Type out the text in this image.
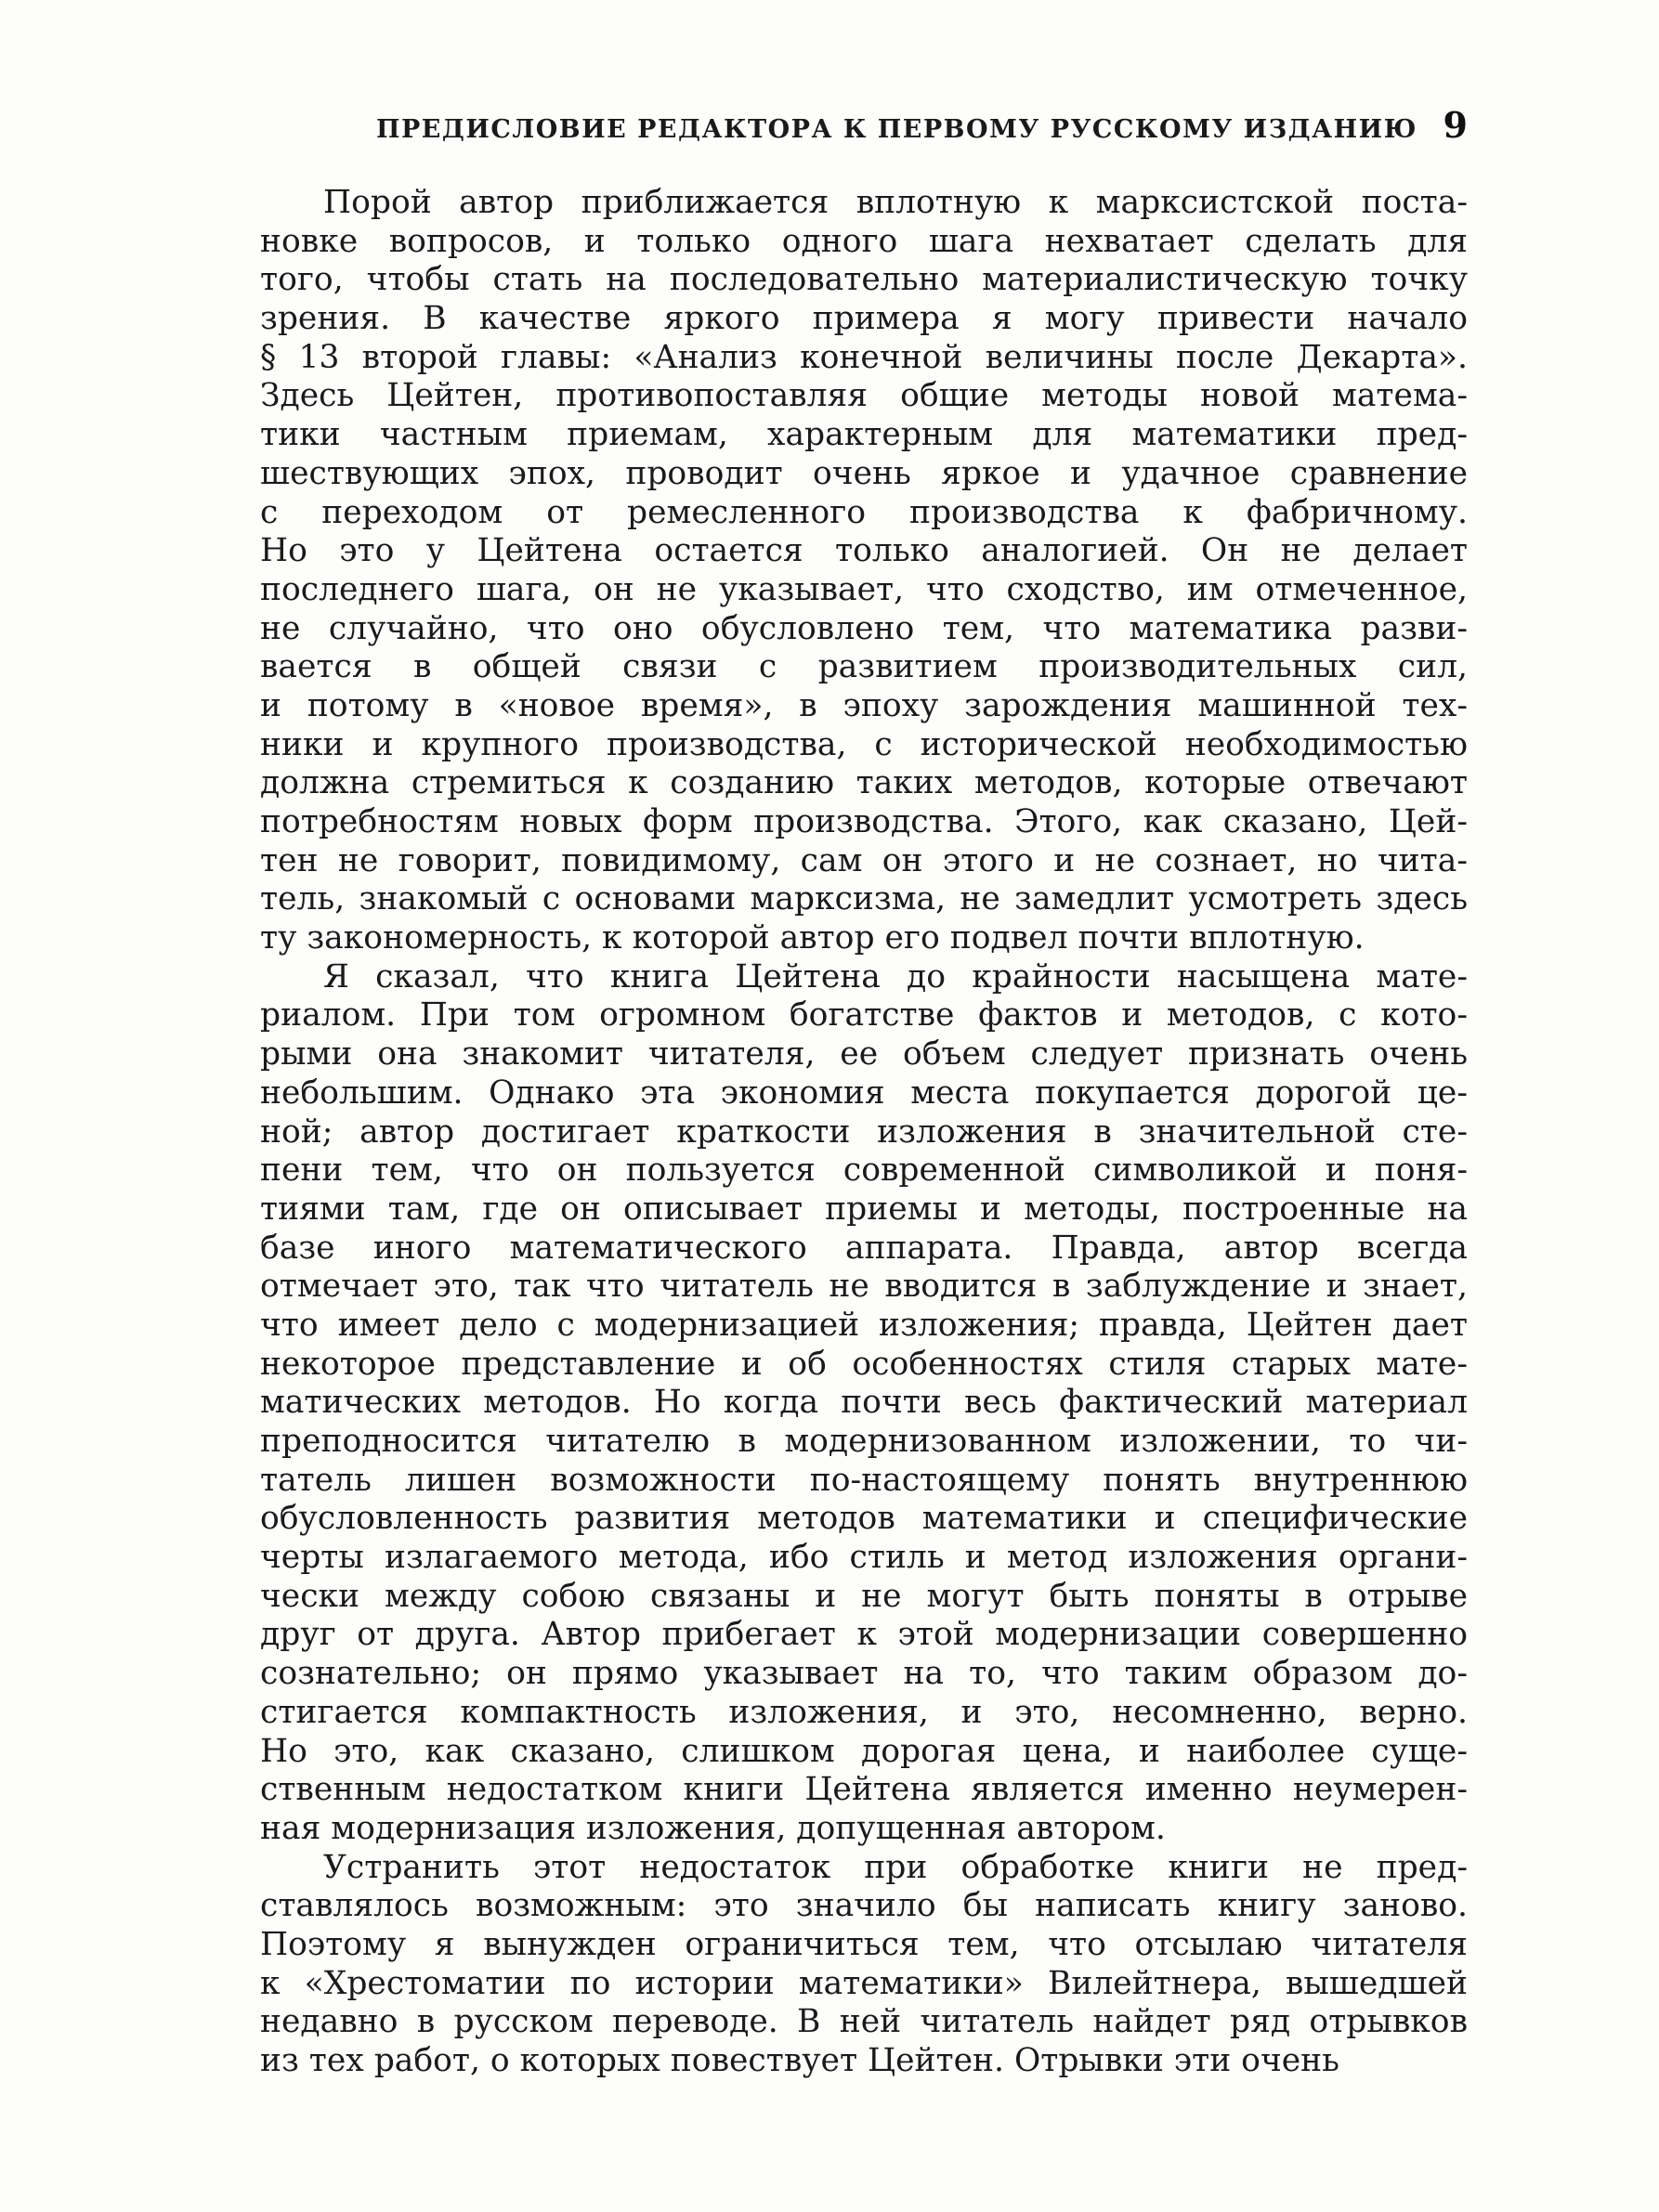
ПРЕДИСЛОВИЕ РЕДАКТОРА К ПЕРВОМУ РУССКОМУ ИЗДАНИЮ 9
Порой автор приближается вплотную к марксистской поста-
новке вопросов, и только одного шага нехватает сделать для
того, чтобы стать на последовательно материалистическую точку
зрения. В качестве яркого примера я могу привести начало
§ 13 второй главы: «Анализ конечной величины после Декарта».
Здесь Цейтен, противопоставляя общие методы новой матема-
тики частным приемам, характерным для математики пред-
шествующих эпох, проводит очень яркое и удачное сравнение
с переходом от ремесленного производства к фабричному.
Но это у Цейтена остается только аналогией. Он не делает
последнего шага, он не указывает, что сходство, им отмеченное,
не случайно, что оно обусловлено тем, что математика разви-
вается в общей связи с развитием производительных сил,
и потому в «новое время», в эпоху зарождения машинной тех-
ники и крупного производства, с исторической необходимостью
должна стремиться к созданию таких методов, которые отвечают
потребностям новых форм производства. Этого, как сказано, Цей-
тен не говорит, повидимому, сам он этого и не сознает, но чита-
тель, знакомый с основами марксизма, не замедлит усмотреть здесь
ту закономерность, к которой автор его подвел почти вплотную.
Я сказал, что книга Цейтена до крайности насыщена мате-
риалом. При том огромном богатстве фактов и методов, с кото-
рыми она знакомит читателя, ее объем следует признать очень
небольшим. Однако эта экономия места покупается дорогой це-
ной; автор достигает краткости изложения в значительной сте-
пени тем, что он пользуется современной символикой и поня-
тиями там, где он описывает приемы и методы, построенные на
базе иного математического аппарата. Правда, автор всегда
отмечает это, так что читатель не вводится в заблуждение и знает,
что имеет дело с модернизацией изложения; правда, Цейтен дает
некоторое представление и об особенностях стиля старых мате-
матических методов. Но когда почти весь фактический материал
преподносится читателю в модернизованном изложении, то чи-
татель лишен возможности по-настоящему понять внутреннюю
обусловленность развития методов математики и специфические
черты излагаемого метода, ибо стиль и метод изложения органи-
чески между собою связаны и не могут быть поняты в отрыве
друг от друга. Автор прибегает к этой модернизации совершенно
сознательно; он прямо указывает на то, что таким образом до-
стигается компактность изложения, и это, несомненно, верно.
Но это, как сказано, слишком дорогая цена, и наиболее суще-
ственным недостатком книги Цейтена является именно неумерен-
ная модернизация изложения, допущенная автором.
Устранить этот недостаток при обработке книги не пред-
ставлялось возможным: это значило бы написать книгу заново.
Поэтому я вынужден ограничиться тем, что отсылаю читателя
к «Хрестоматии по истории математики» Вилейтнера, вышедшей
недавно в русском переводе. В ней читатель найдет ряд отрывков
из тех работ, о которых повествует Цейтен. Отрывки эти очень
